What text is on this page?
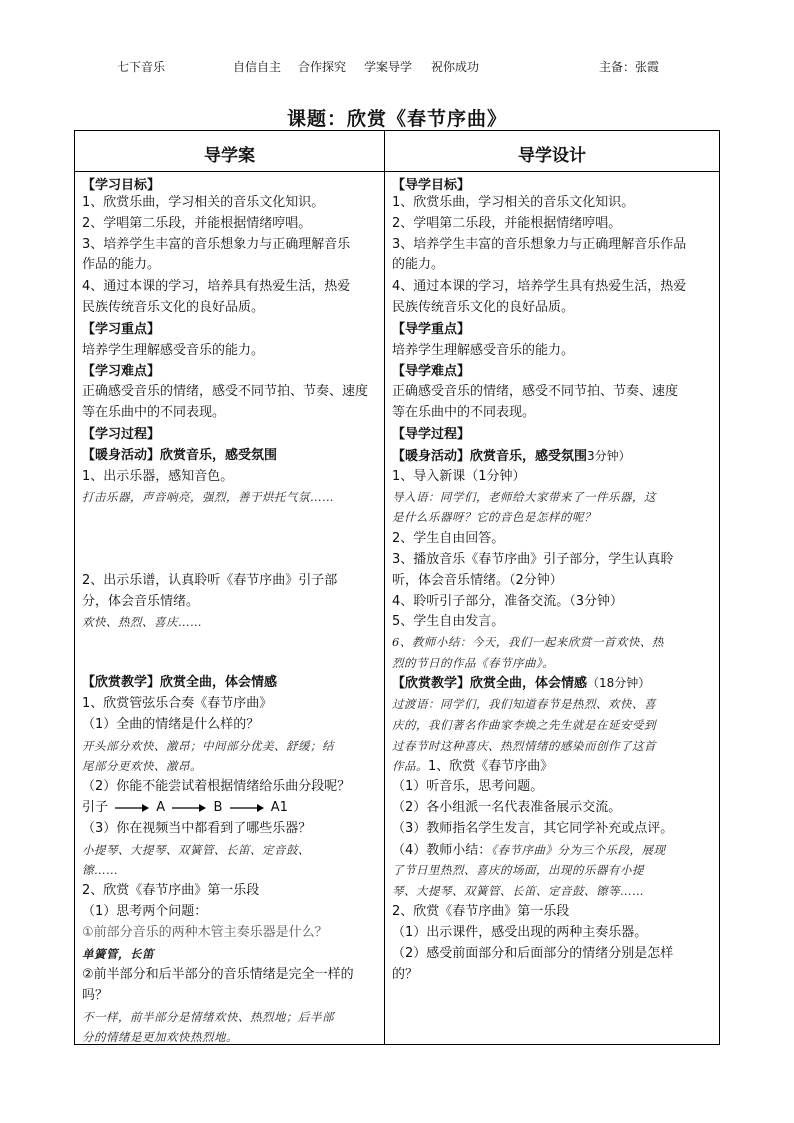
七下音乐	自信自主 合作探究 学案导学 祝你成功	主备：张霞
课题：欣赏《春节序曲》
导学案	导学设计
【学习目标】
1、欣赏乐曲，学习相关的音乐文化知识。
2、学唱第二乐段，并能根据情绪哼唱。
3、培养学生丰富的音乐想象力与正确理解音乐
作品的能力。
4、通过本课的学习，培养具有热爱生活，热爱
民族传统音乐文化的良好品质。
【学习重点】
培养学生理解感受音乐的能力。
【学习难点】
正确感受音乐的情绪，感受不同节拍、节奏、速度
等在乐曲中的不同表现。
【学习过程】
【暖身活动】欣赏音乐，感受氛围
1、出示乐器，感知音色。
打击乐器，声音响亮，强烈，善于烘托气氛……
2、出示乐谱，认真聆听《春节序曲》引子部
分，体会音乐情绪。
欢快、热烈、喜庆……
【欣赏教学】欣赏全曲，体会情感
1、欣赏管弦乐合奏《春节序曲》
（1）全曲的情绪是什么样的？
开头部分欢快、激昂；中间部分优美、舒缓；结
尾部分更欢快、激昂。
（2）你能不能尝试着根据情绪给乐曲分段呢？
引子	A	B	A1
（3）你在视频当中都看到了哪些乐器？
小提琴、大提琴、双簧管、长笛、定音鼓、
镲……
2、欣赏《春节序曲》第一乐段
（1）思考两个问题：
①前部分音乐的两种木管主奏乐器是什么？
单簧管，长笛
②前半部分和后半部分的音乐情绪是完全一样的
吗？
不一样，前半部分是情绪欢快、热烈地；后半部
分的情绪是更加欢快热烈地。
【导学目标】
1、欣赏乐曲，学习相关的音乐文化知识。
2、学唱第二乐段，并能根据情绪哼唱。
3、培养学生丰富的音乐想象力与正确理解音乐作品
的能力。
4、通过本课的学习，培养学生具有热爱生活，热爱
民族传统音乐文化的良好品质。
【导学重点】
培养学生理解感受音乐的能力。
【导学难点】
正确感受音乐的情绪，感受不同节拍、节奏、速度
等在乐曲中的不同表现。
【导学过程】
【暖身活动】欣赏音乐，感受氛围3分钟）
1、导入新课（1分钟）
导入语：同学们，老师给大家带来了一件乐器，这
是什么乐器呀？它的音色是怎样的呢？
2、学生自由回答。
3、播放音乐《春节序曲》引子部分，学生认真聆
听，体会音乐情绪。（2分钟）
4、聆听引子部分，准备交流。（3分钟）
5、学生自由发言。
6、教师小结：今天，我们一起来欣赏一首欢快、热
烈的节日的作品《春节序曲》。
【欣赏教学】欣赏全曲，体会情感（18分钟）
过渡语：同学们，我们知道春节是热烈、欢快、喜
庆的，我们著名作曲家李焕之先生就是在延安受到
过春节时这种喜庆、热烈情绪的感染而创作了这首
作品。1、欣赏《春节序曲》
（1）听音乐，思考问题。
（2）各小组派一名代表准备展示交流。
（3）教师指名学生发言，其它同学补充或点评。
（4）教师小结：《春节序曲》分为三个乐段，展现
了节日里热烈、喜庆的场面，出现的乐器有小提
琴、大提琴、双簧管、长笛、定音鼓、镲等……
2、欣赏《春节序曲》第一乐段
（1）出示课件，感受出现的两种主奏乐器。
（2）感受前面部分和后面部分的情绪分别是怎样
的？
